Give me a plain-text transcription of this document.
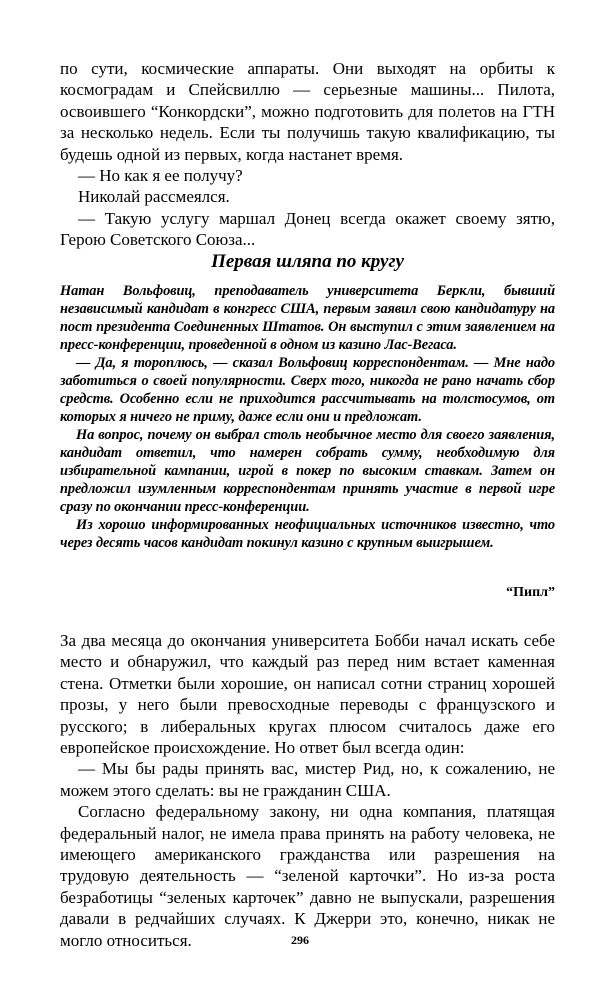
по сути, космические аппараты. Они выходят на орбиты к космоградам и Спейсвиллю — серьезные машины... Пилота, освоившего “Конкордски”, можно подготовить для полетов на ГТН за несколько недель. Если ты получишь такую квалификацию, ты будешь одной из первых, когда настанет время.

— Но как я ее получу?

Николай рассмеялся.

— Такую услугу маршал Донец всегда окажет своему зятю, Герою Советского Союза...

Первая шляпа по кругу

Натан Вольфовиц, преподаватель университета Беркли, бывший независимый кандидат в конгресс США, первым заявил свою кандидатуру на пост президента Соединенных Штатов. Он выступил с этим заявлением на пресс-конференции, проведенной в одном из казино Лас-Вегаса.

— Да, я тороплюсь, — сказал Вольфовиц корреспондентам. — Мне надо заботиться о своей популярности. Сверх того, никогда не рано начать сбор средств. Особенно если не приходится рассчитывать на толстосумов, от которых я ничего не приму, даже если они и предложат.

На вопрос, почему он выбрал столь необычное место для своего заявления, кандидат ответил, что намерен собрать сумму, необходимую для избирательной кампании, игрой в покер по высоким ставкам. Затем он предложил изумленным корреспондентам принять участие в первой игре сразу по окончании пресс-конференции.

Из хорошо информированных неофициальных источников известно, что через десять часов кандидат покинул казино с крупным выигрышем.

“Пипл”

За два месяца до окончания университета Бобби начал искать себе место и обнаружил, что каждый раз перед ним встает каменная стена. Отметки были хорошие, он написал сотни страниц хорошей прозы, у него были превосходные переводы с французского и русского; в либеральных кругах плюсом считалось даже его европейское происхождение. Но ответ был всегда один:

— Мы бы рады принять вас, мистер Рид, но, к сожалению, не можем этого сделать: вы не гражданин США.

Согласно федеральному закону, ни одна компания, платящая федеральный налог, не имела права принять на работу человека, не имеющего американского гражданства или разрешения на трудовую деятельность — “зеленой карточки”. Но из-за роста безработицы “зеленых карточек” давно не выпускали, разрешения давали в редчайших случаях. К Джерри это, конечно, никак не могло относиться.	296
